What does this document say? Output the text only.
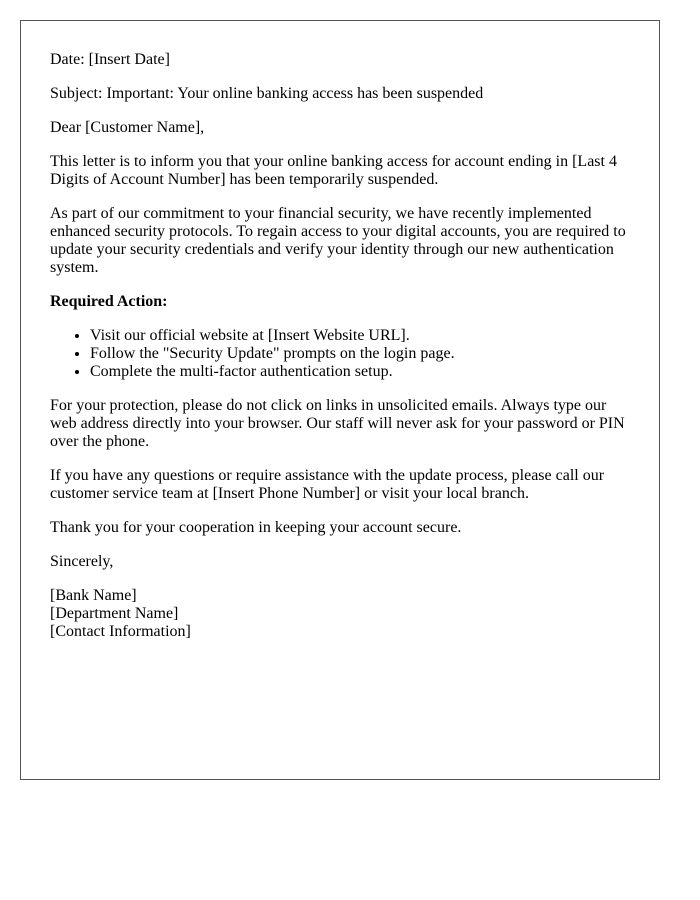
Date: [Insert Date]

Subject: Important: Your online banking access has been suspended

Dear [Customer Name],

This letter is to inform you that your online banking access for account ending in [Last 4 Digits of Account Number] has been temporarily suspended.

As part of our commitment to your financial security, we have recently implemented enhanced security protocols. To regain access to your digital accounts, you are required to update your security credentials and verify your identity through our new authentication system.

Required Action:

• Visit our official website at [Insert Website URL].
• Follow the "Security Update" prompts on the login page.
• Complete the multi-factor authentication setup.

For your protection, please do not click on links in unsolicited emails. Always type our web address directly into your browser. Our staff will never ask for your password or PIN over the phone.

If you have any questions or require assistance with the update process, please call our customer service team at [Insert Phone Number] or visit your local branch.

Thank you for your cooperation in keeping your account secure.

Sincerely,

[Bank Name]
[Department Name]
[Contact Information]
